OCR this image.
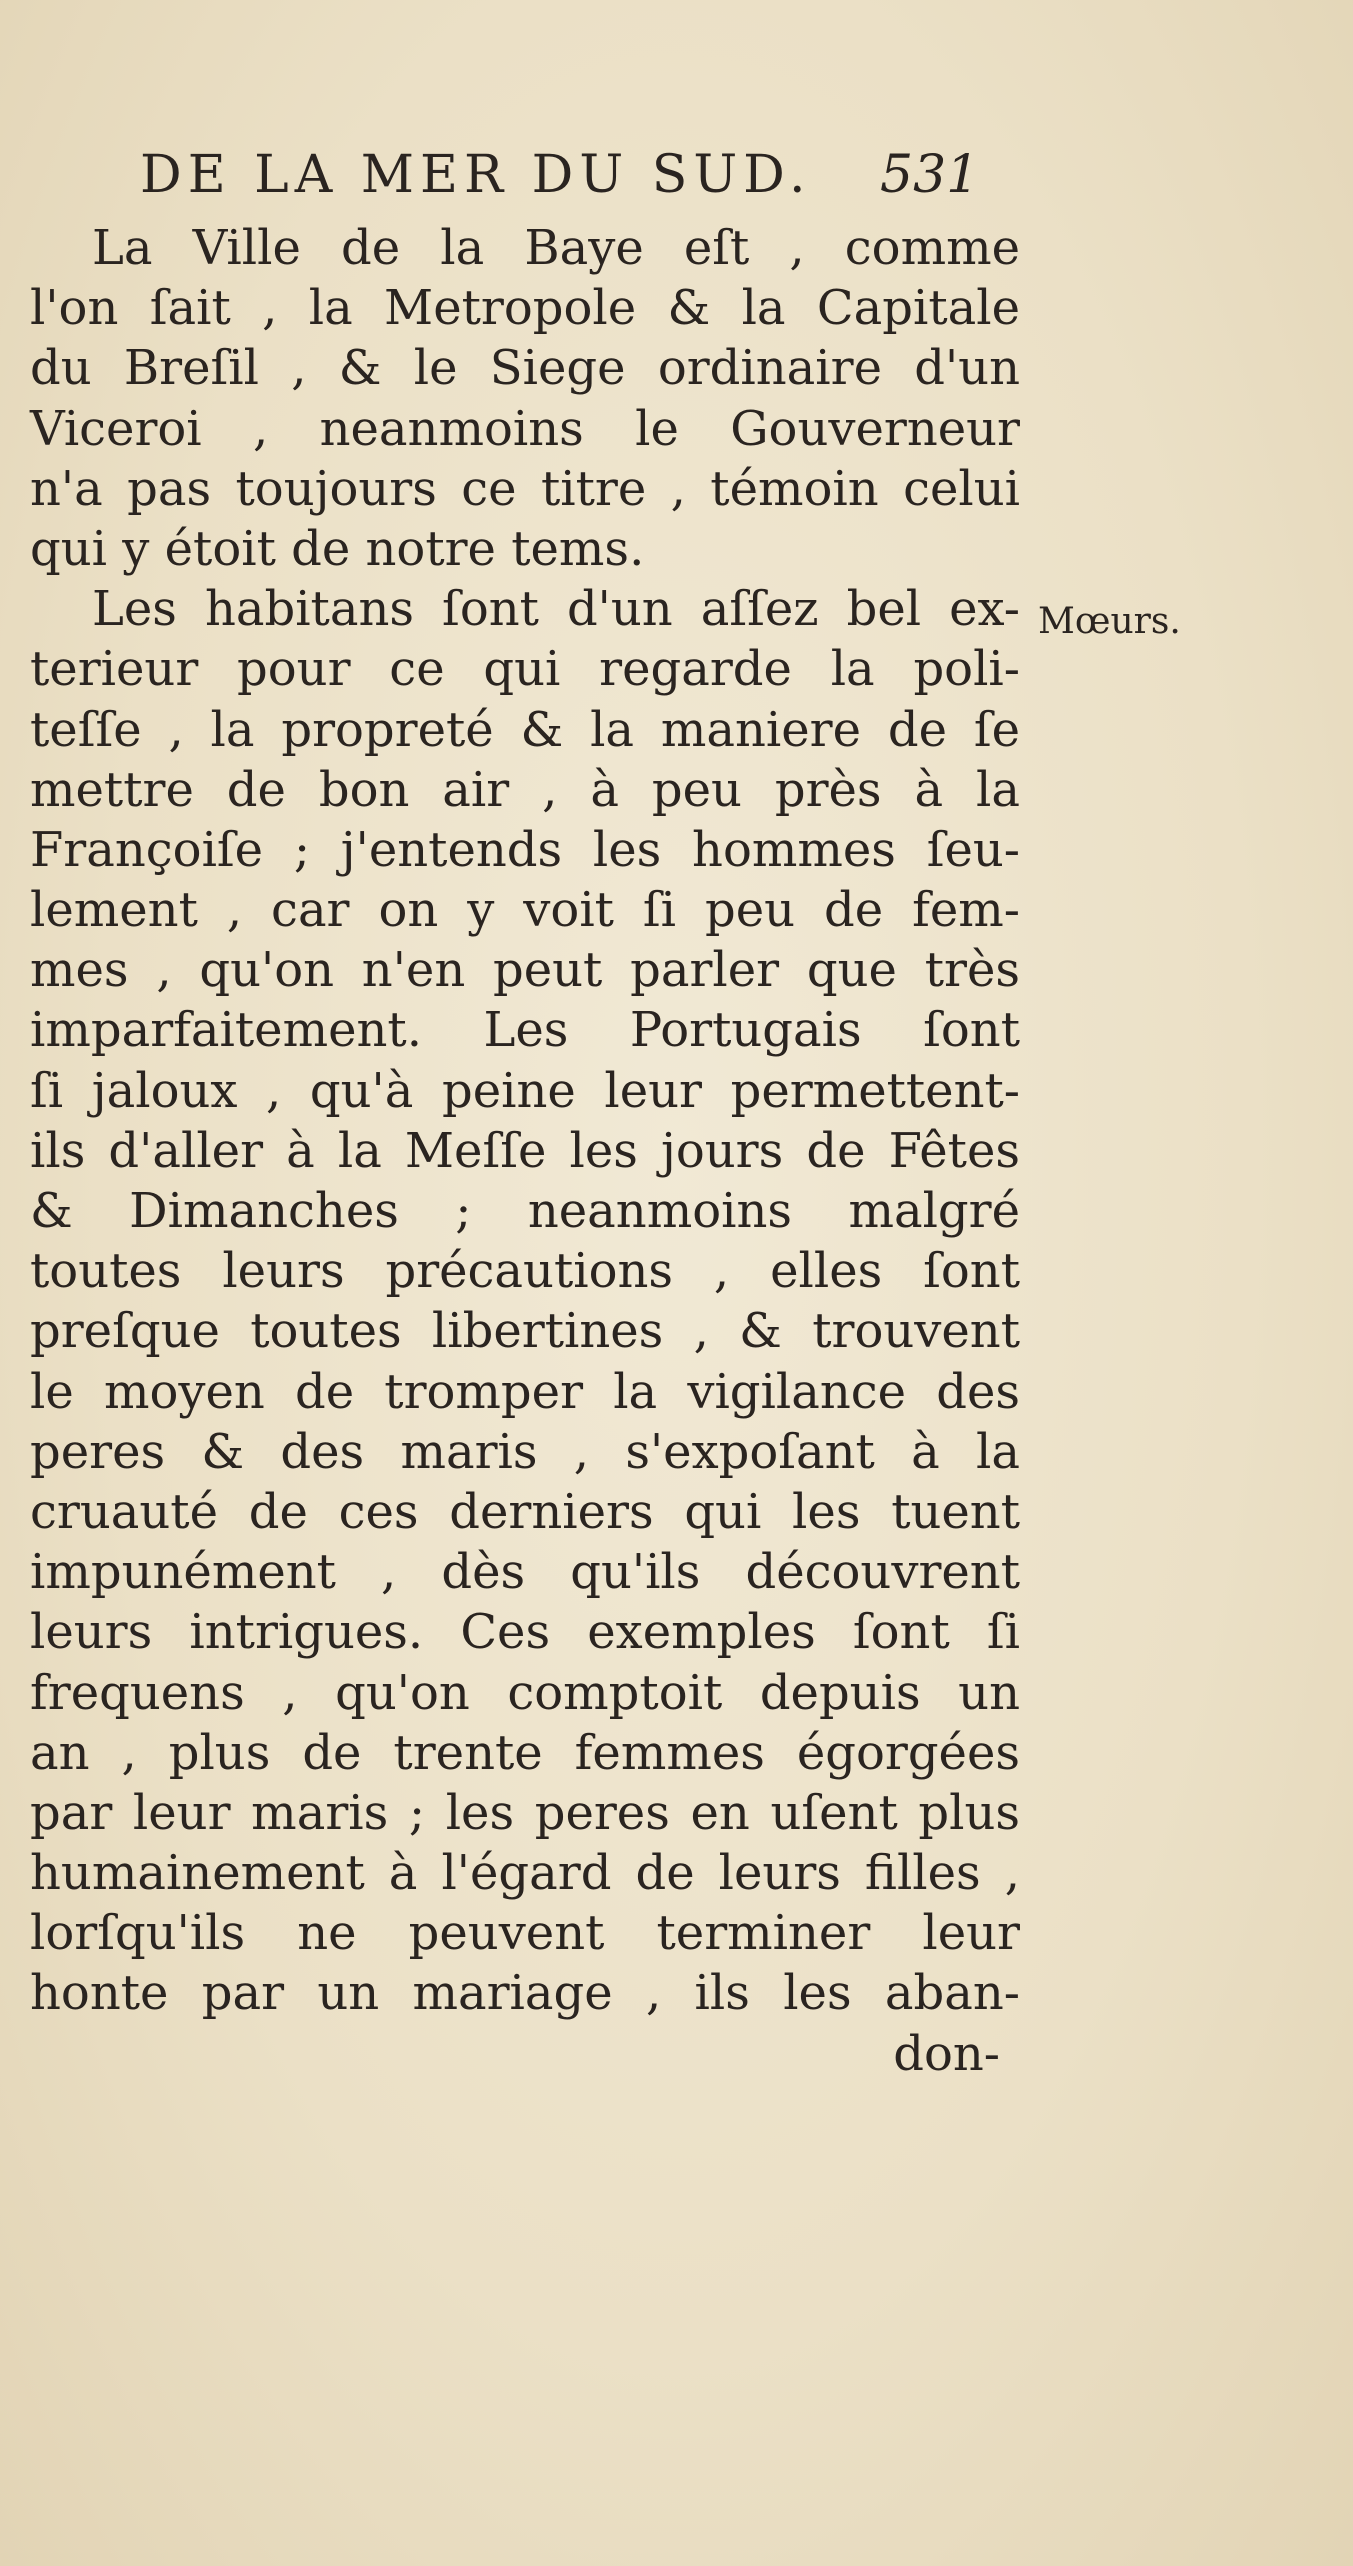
DE LA MER DU SUD. 531
La Ville de la Baye eſt , comme
l'on ſait , la Metropole & la Capitale
du Breſil , & le Siege ordinaire d'un
Viceroi , neanmoins le Gouverneur
n'a pas toujours ce titre , témoin celui
qui y étoit de notre tems.
Les habitans ſont d'un aſſez bel ex-
terieur pour ce qui regarde la poli-
teſſe , la propreté & la maniere de ſe
mettre de bon air , à peu près à la
Françoiſe ; j'entends les hommes ſeu-
lement , car on y voit ſi peu de fem-
mes , qu'on n'en peut parler que très
imparfaitement. Les Portugais ſont
ſi jaloux , qu'à peine leur permettent-
ils d'aller à la Meſſe les jours de Fêtes
& Dimanches ; neanmoins malgré
toutes leurs précautions , elles ſont
preſque toutes libertines , & trouvent
le moyen de tromper la vigilance des
peres & des maris , s'expoſant à la
cruauté de ces derniers qui les tuent
impunément , dès qu'ils découvrent
leurs intrigues. Ces exemples ſont ſi
frequens , qu'on comptoit depuis un
an , plus de trente femmes égorgées
par leur maris ; les peres en uſent plus
humainement à l'égard de leurs filles ,
lorſqu'ils ne peuvent terminer leur
honte par un mariage , ils les aban-
don-
Mœurs.
